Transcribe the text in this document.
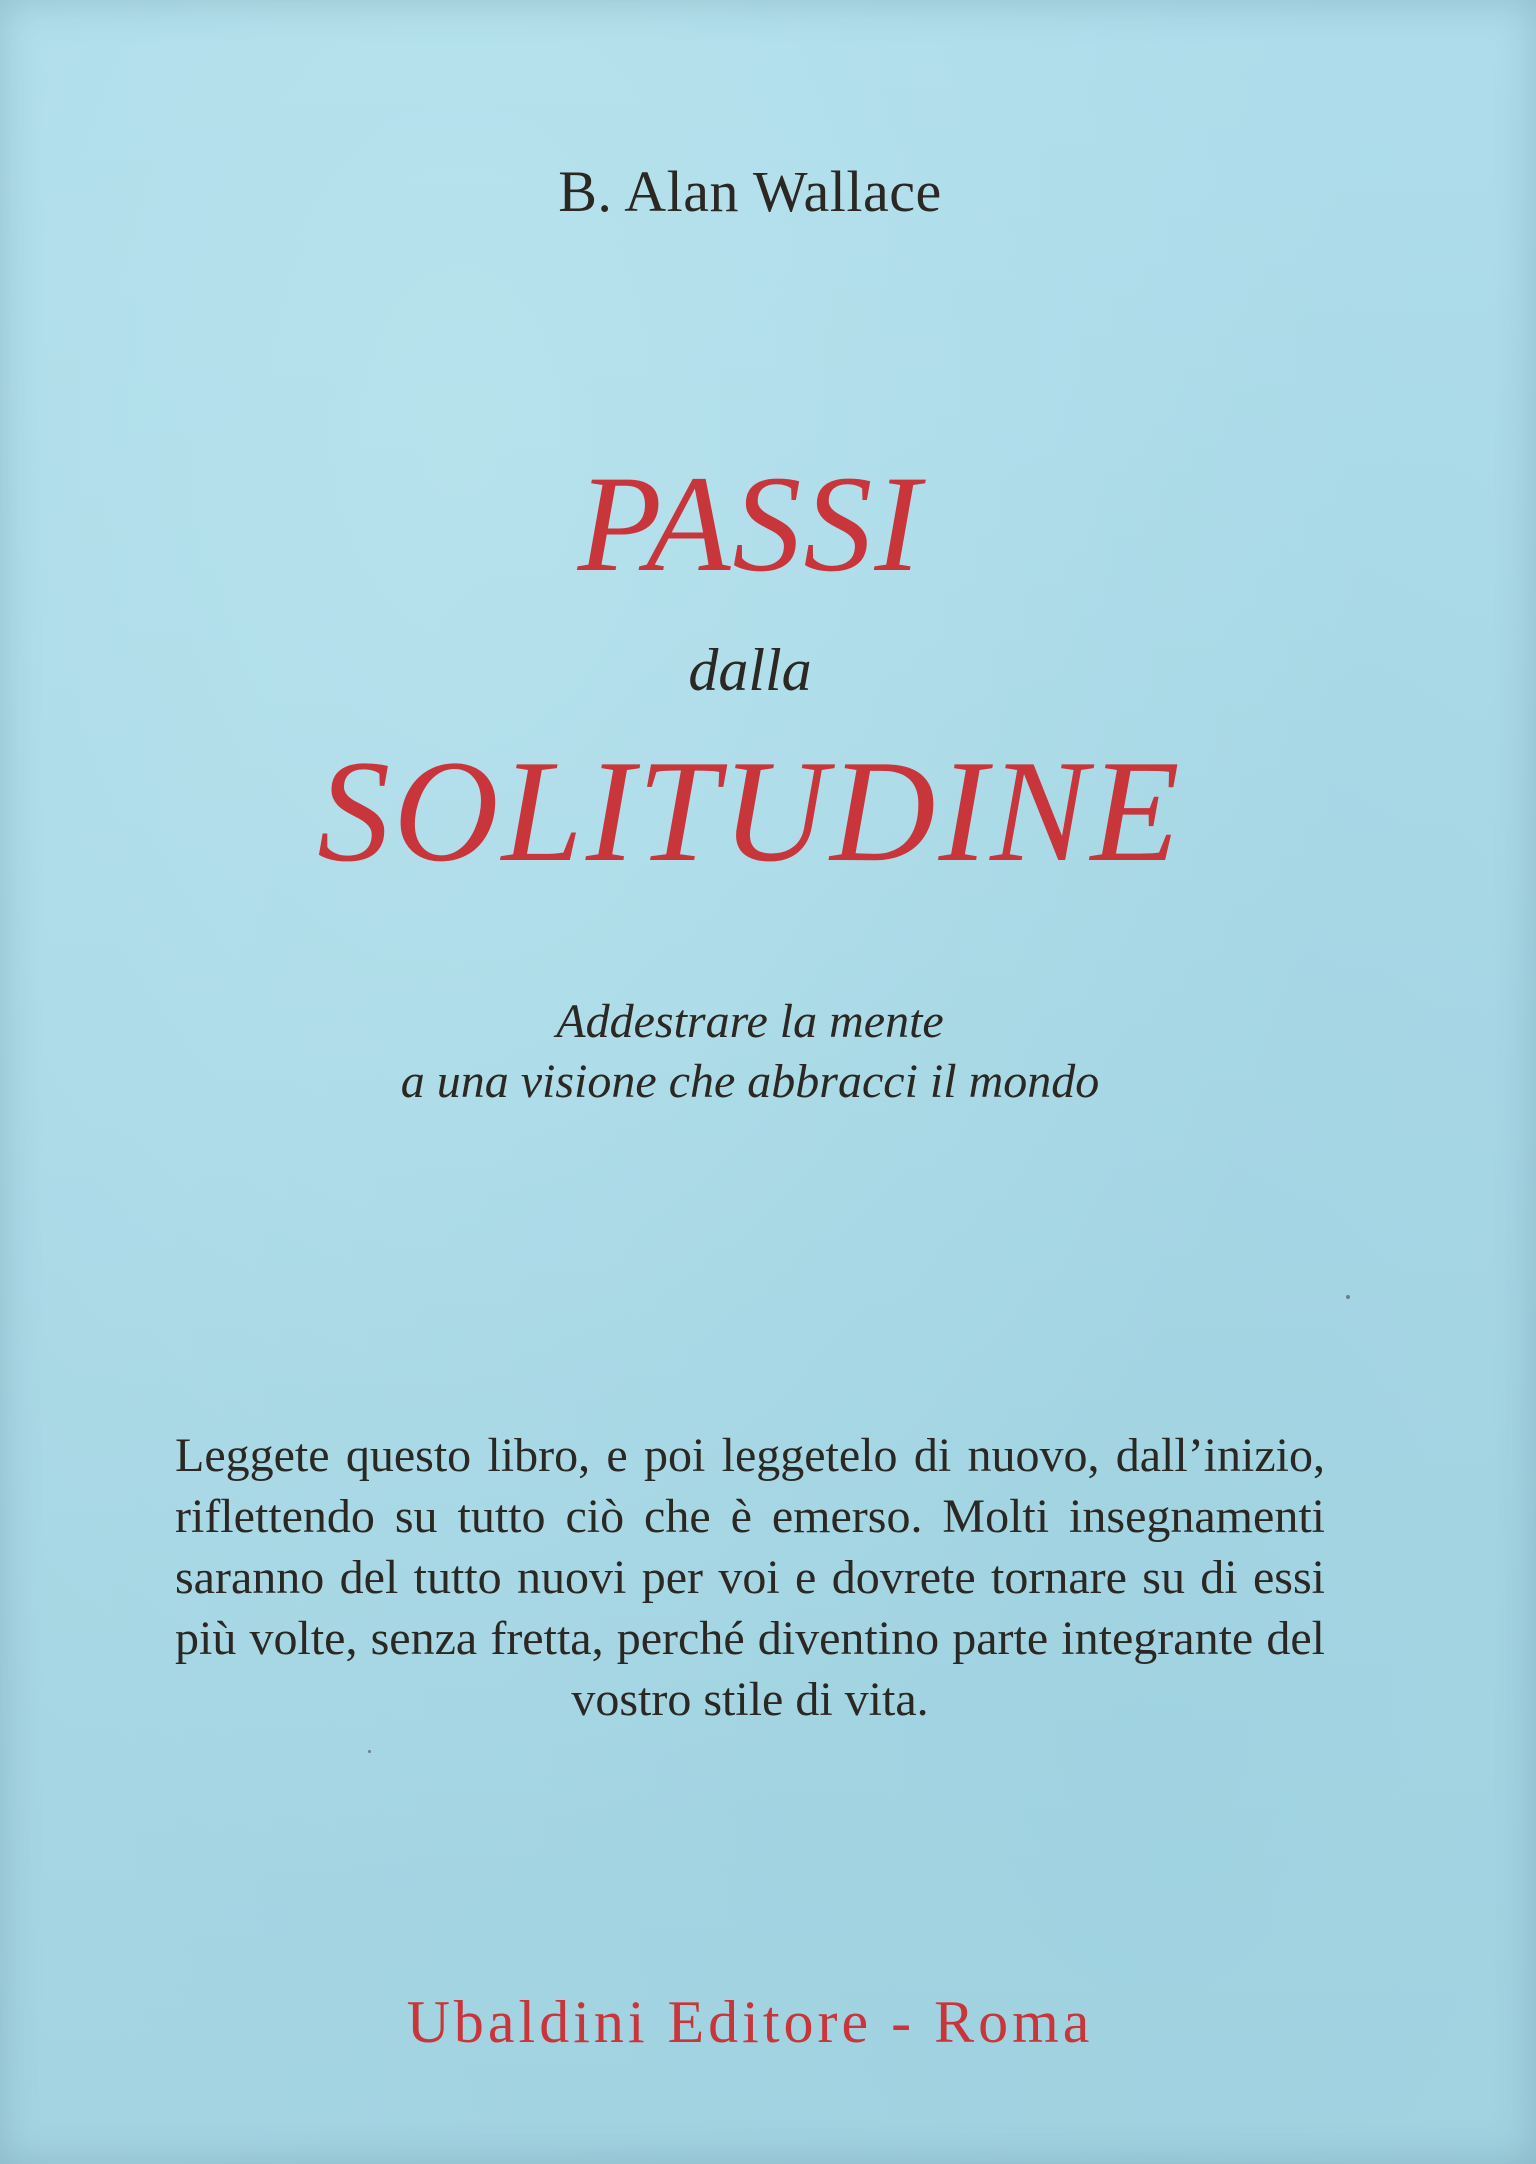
B. Alan Wallace
PASSI
dalla
SOLITUDINE
Addestrare la mente
a una visione che abbracci il mondo
Leggete questo libro, e poi leggetelo di nuovo, dall’inizio, riflettendo su tutto ciò che è emerso. Molti insegnamenti saranno del tutto nuovi per voi e dovrete tornare su di essi più volte, senza fretta, perché diventino parte integrante del vostro stile di vita.
Ubaldini Editore - Roma
